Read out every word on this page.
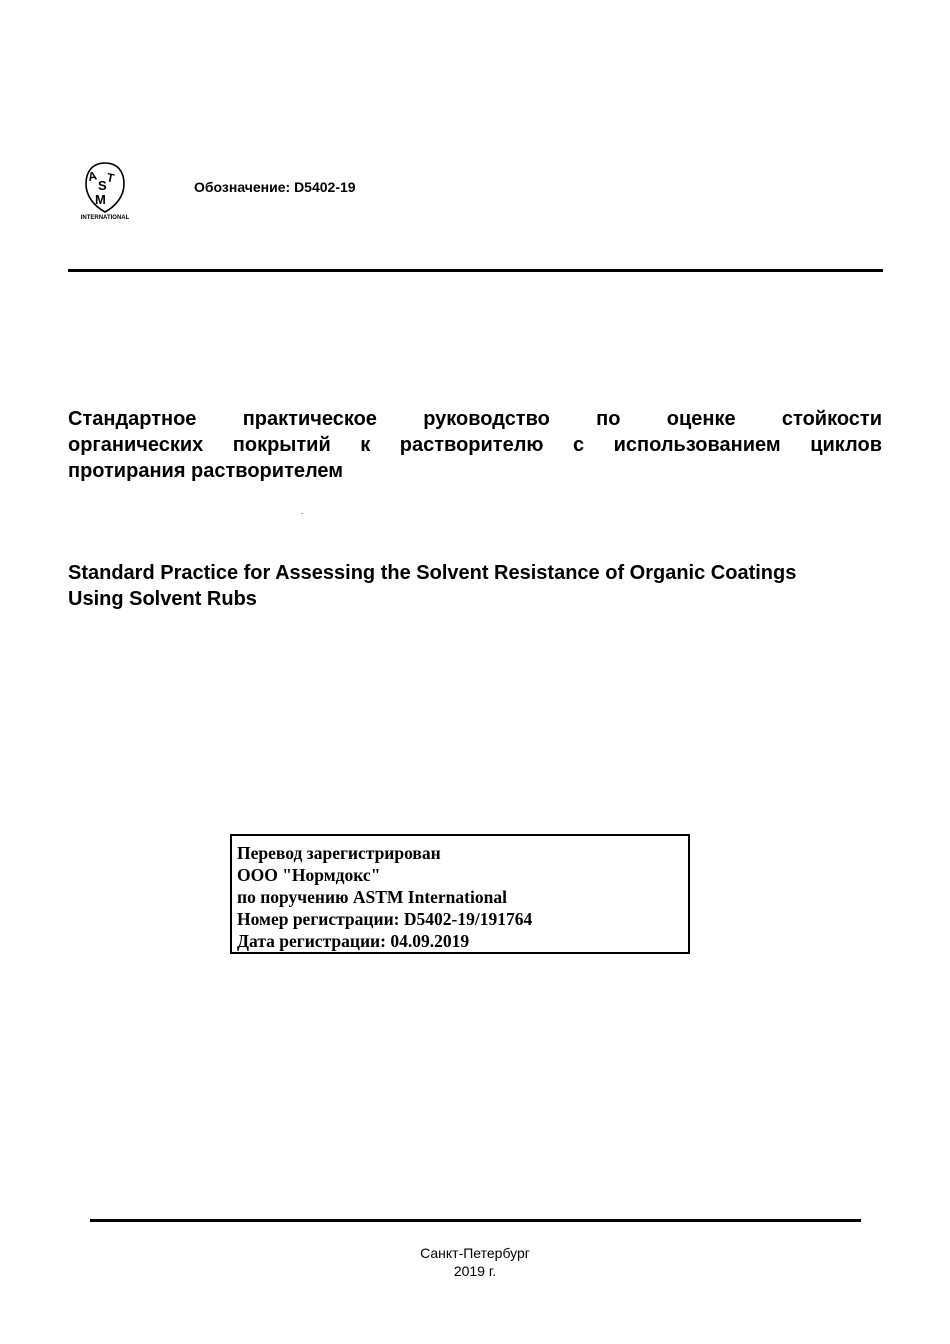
A
S
T
M
INTERNATIONAL
Обозначение: D5402-19
Стандартное практическое руководство по оценке стойкости
органических покрытий к растворителю с использованием циклов
протирания растворителем
Standard Practice for Assessing the Solvent Resistance of Organic Coatings
Using Solvent Rubs
Перевод зарегистрирован
ООО "Нормдокс"
по поручению ASTM International
Номер регистрации: D5402-19/191764
Дата регистрации: 04.09.2019
Санкт-Петербург
2019 г.
